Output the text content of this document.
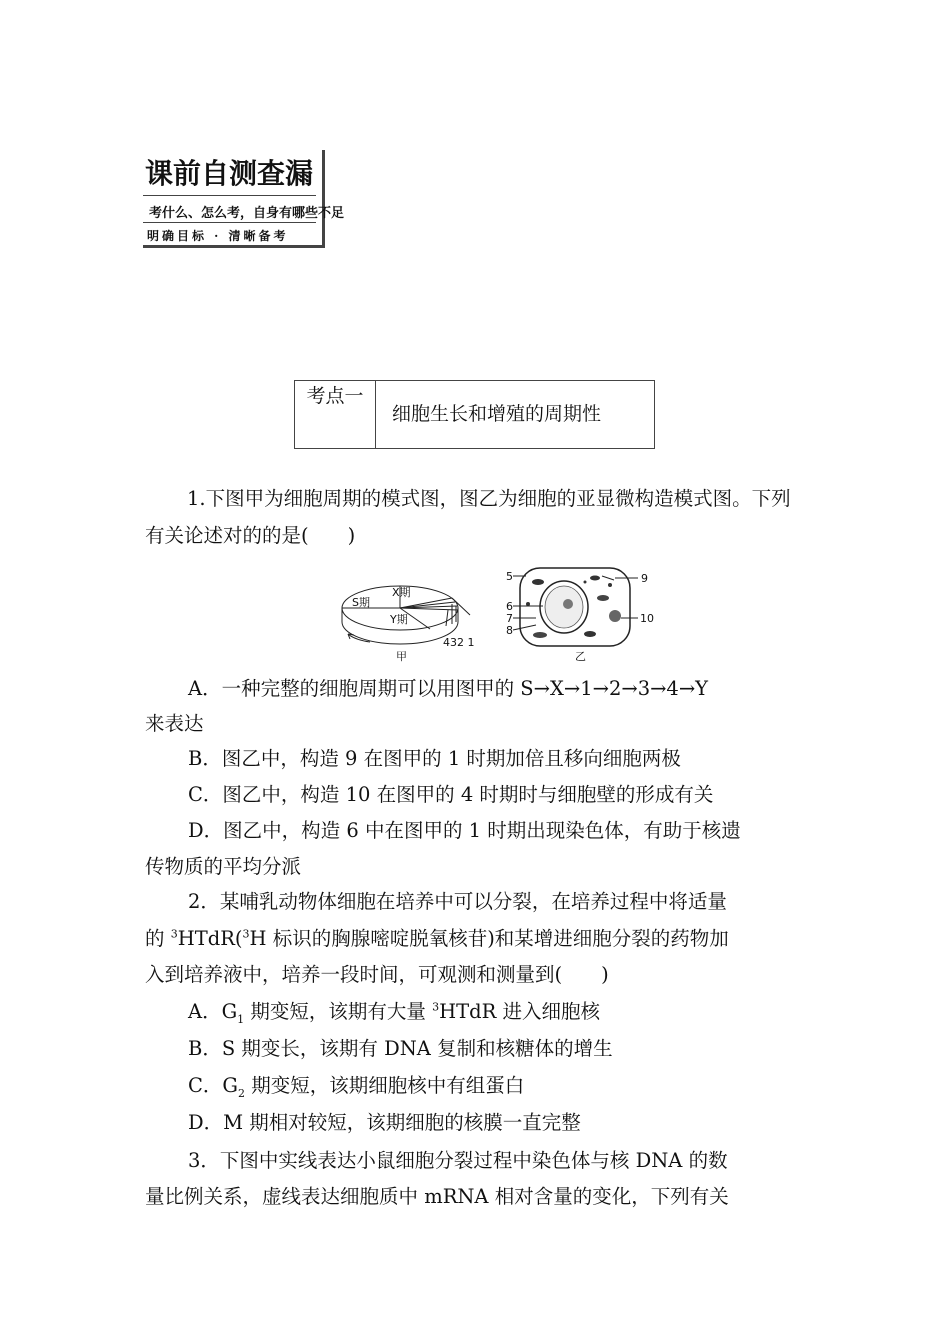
课前自测查漏
考什么、怎么考，自身有哪些不足
明确目标 · 清晰备考
考点一
细胞生长和增殖的周期性
1.下图甲为细胞周期的模式图，图乙为细胞的亚显微构造模式图。下列有关论述对的的是(　　)
S期
X期
Y期
432 1
甲
5
6
7
8
9
10
乙
A．一种完整的细胞周期可以用图甲的 S→X→1→2→3→4→Y
来表达
B．图乙中，构造 9 在图甲的 1 时期加倍且移向细胞两极
C．图乙中，构造 10 在图甲的 4 时期时与细胞壁的形成有关
D．图乙中，构造 6 中在图甲的 1 时期出现染色体，有助于核遗
传物质的平均分派
2．某哺乳动物体细胞在培养中可以分裂，在培养过程中将适量
的 $^3$HTdR($^3$H 标识的胸腺嘧啶脱氧核苷)和某增进细胞分裂的药物加
入到培养液中，培养一段时间，可观测和测量到(　　)
A．$G_1$ 期变短，该期有大量 $^3$HTdR 进入细胞核
B．S 期变长，该期有 DNA 复制和核糖体的增生
C．$G_2$ 期变短，该期细胞核中有组蛋白
D．M 期相对较短，该期细胞的核膜一直完整
3．下图中实线表达小鼠细胞分裂过程中染色体与核 DNA 的数
量比例关系，虚线表达细胞质中 mRNA 相对含量的变化，下列有关
